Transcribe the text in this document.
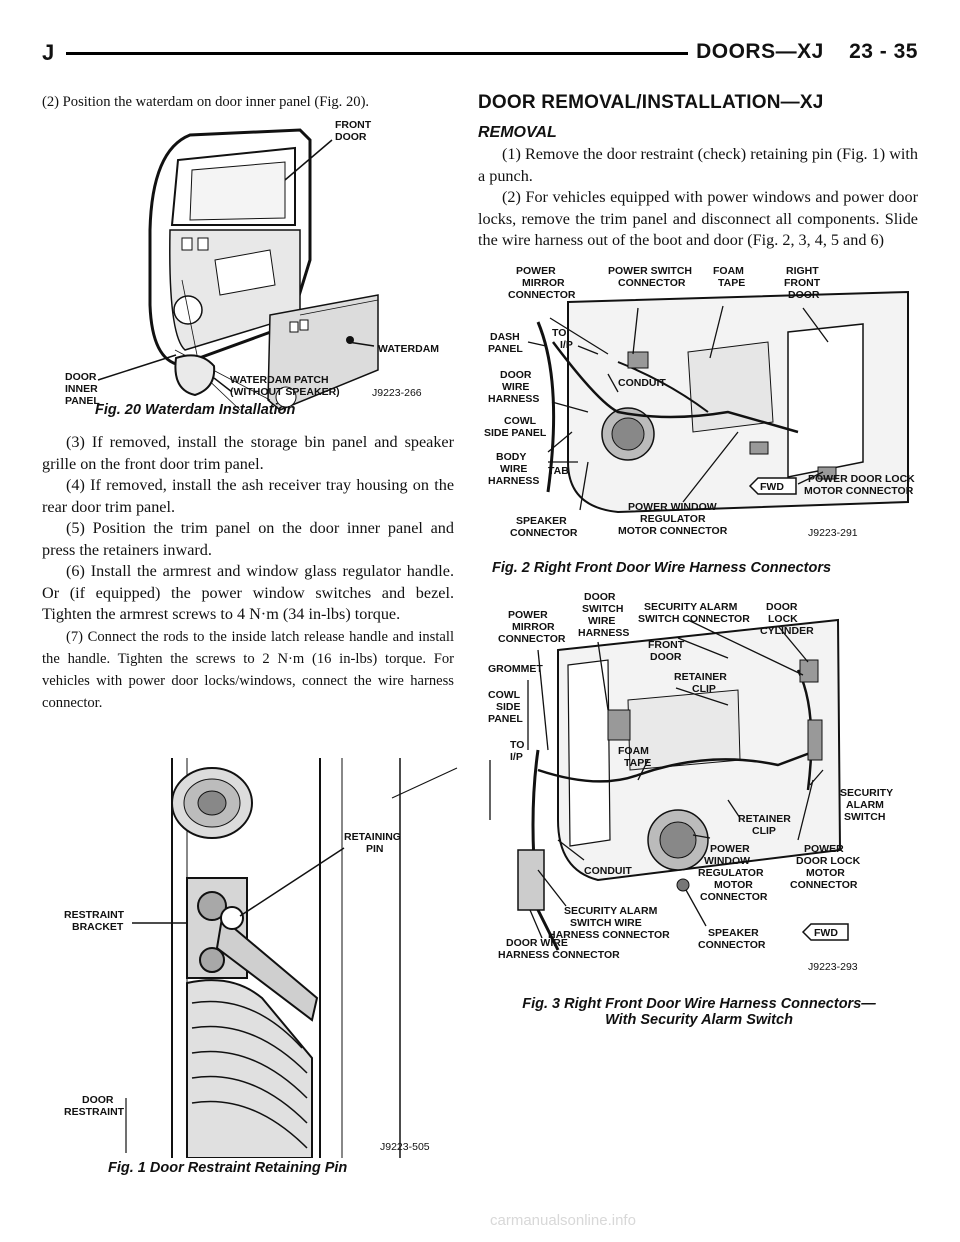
J	DOORS—XJ    23 - 35

(2) Position the waterdam on door inner panel (Fig. 20).

FRONT DOOR
WATERDAM
DOOR INNER PANEL
WATERDAM PATCH (WITHOUT SPEAKER)	J9223-266
Fig. 20 Waterdam Installation

(3) If removed, install the storage bin panel and speaker grille on the front door trim panel.

(4) If removed, install the ash receiver tray housing on the rear door trim panel.

(5) Position the trim panel on the door inner panel and press the retainers inward.

(6) Install the armrest and window glass regulator handle. Or (if equipped) the power window switches and bezel. Tighten the armrest screws to 4 N·m (34 in-lbs) torque.

(7) Connect the rods to the inside latch release handle and install the handle. Tighten the screws to 2 N·m (16 in-lbs) torque. For vehicles with power door locks/windows, connect the wire harness connector.

RETAINING PIN
RESTRAINT BRACKET
DOOR RESTRAINT
J9223-505
Fig. 1 Door Restraint Retaining Pin

DOOR REMOVAL/INSTALLATION—XJ

REMOVAL

(1) Remove the door restraint (check) retaining pin (Fig. 1) with a punch.

(2) For vehicles equipped with power windows and power door locks, remove the trim panel and disconnect all components. Slide the wire harness out of the boot and door (Fig. 2, 3, 4, 5 and 6)

POWER MIRROR CONNECTOR
POWER SWITCH CONNECTOR
FOAM TAPE
RIGHT FRONT DOOR
DASH PANEL
TO I/P
DOOR WIRE HARNESS
COWL SIDE PANEL
CONDUIT
BODY WIRE HARNESS
TAB
FWD
POWER DOOR LOCK MOTOR CONNECTOR
SPEAKER CONNECTOR
POWER WINDOW REGULATOR MOTOR CONNECTOR	J9223-291
Fig. 2 Right Front Door Wire Harness Connectors
POWER MIRROR CONNECTOR
DOOR SWITCH WIRE HARNESS
SECURITY ALARM SWITCH CONNECTOR
DOOR LOCK CYLINDER
GROMMET
FRONT DOOR
RETAINER CLIP
COWL SIDE PANEL
FOAM TAPE
TO I/P
SECURITY ALARM SWITCH
RETAINER CLIP
POWER WINDOW REGULATOR MOTOR CONNECTOR
POWER DOOR LOCK MOTOR CONNECTOR
CONDUIT
SECURITY ALARM SWITCH WIRE HARNESS CONNECTOR
DOOR WIRE HARNESS CONNECTOR
SPEAKER CONNECTOR
FWD
J9223-293
Fig. 3 Right Front Door Wire Harness Connectors—
With Security Alarm Switch
carmanualsonline.info
